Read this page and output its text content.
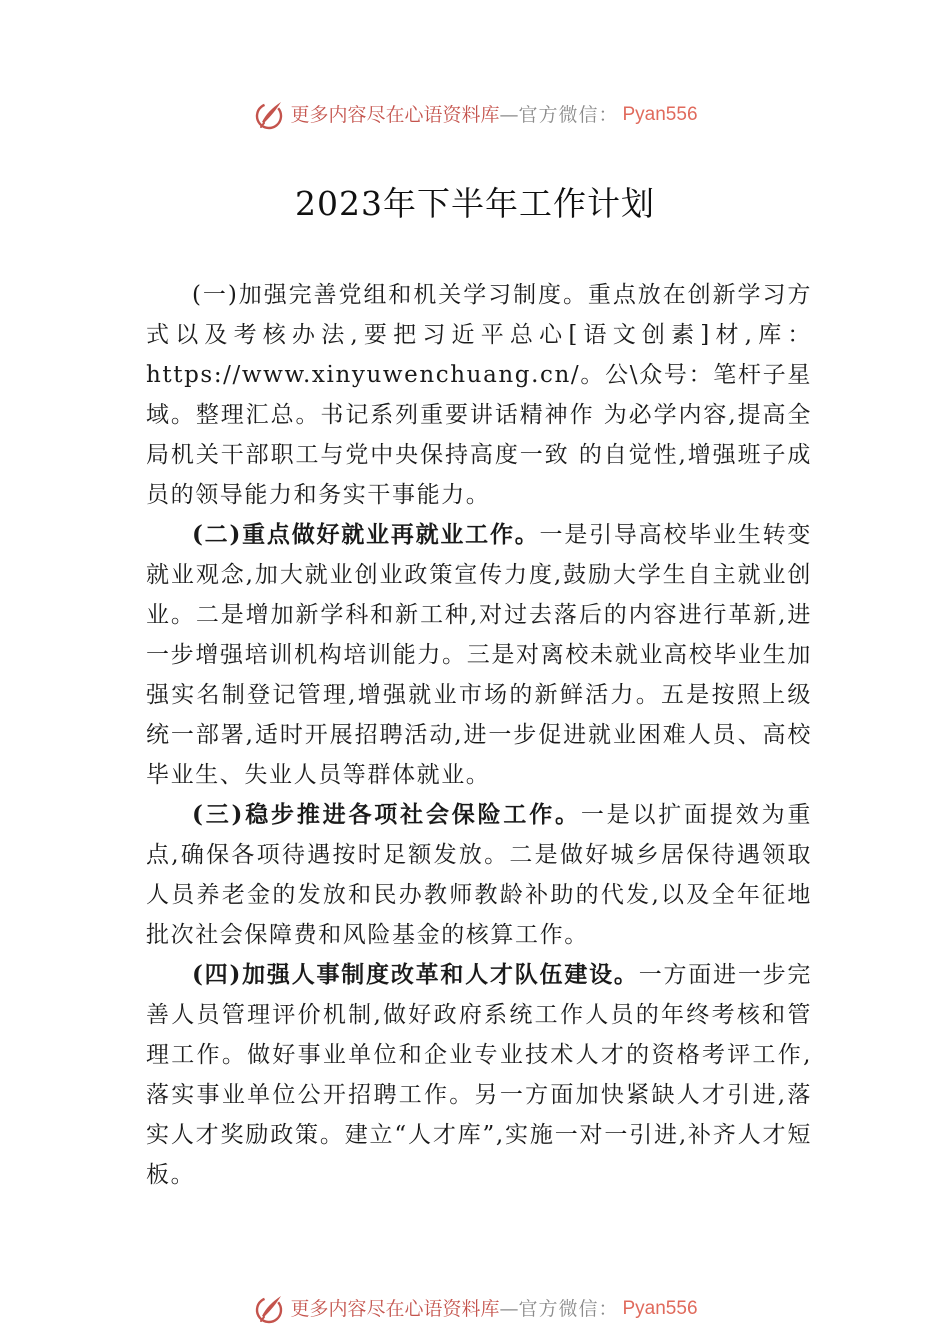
更多内容尽在心语资料库 — 官方微信： Pyan556
2023年下半年工作计划

(一)加强完善党组和机关学习制度。重点放在创新学习方式以及考核办法,要把习近平总心[语文创素]材,库：https://www.xinyuwenchuang.cn/。公\众号：笔杆子星域。整理汇总。书记系列重要讲话精神作 为必学内容,提高全局机关干部职工与党中央保持高度一致 的自觉性,增强班子成员的领导能力和务实干事能力。

(二)重点做好就业再就业工作。一是引导高校毕业生转变就业观念,加大就业创业政策宣传力度,鼓励大学生自主就业创业。二是增加新学科和新工种,对过去落后的内容进行革新,进一步增强培训机构培训能力。三是对离校未就业高校毕业生加强实名制登记管理,增强就业市场的新鲜活力。五是按照上级统一部署,适时开展招聘活动,进一步促进就业困难人员、高校毕业生、失业人员等群体就业。

(三)稳步推进各项社会保险工作。一是以扩面提效为重点,确保各项待遇按时足额发放。二是做好城乡居保待遇领取人员养老金的发放和民办教师教龄补助的代发,以及全年征地批次社会保障费和风险基金的核算工作。

(四)加强人事制度改革和人才队伍建设。一方面进一步完善人员管理评价机制,做好政府系统工作人员的年终考核和管理工作。做好事业单位和企业专业技术人才的资格考评工作,落实事业单位公开招聘工作。另一方面加快紧缺人才引进,落实人才奖励政策。建立“人才库”,实施一对一引进,补齐人才短板。

更多内容尽在心语资料库 — 官方微信： Pyan556
